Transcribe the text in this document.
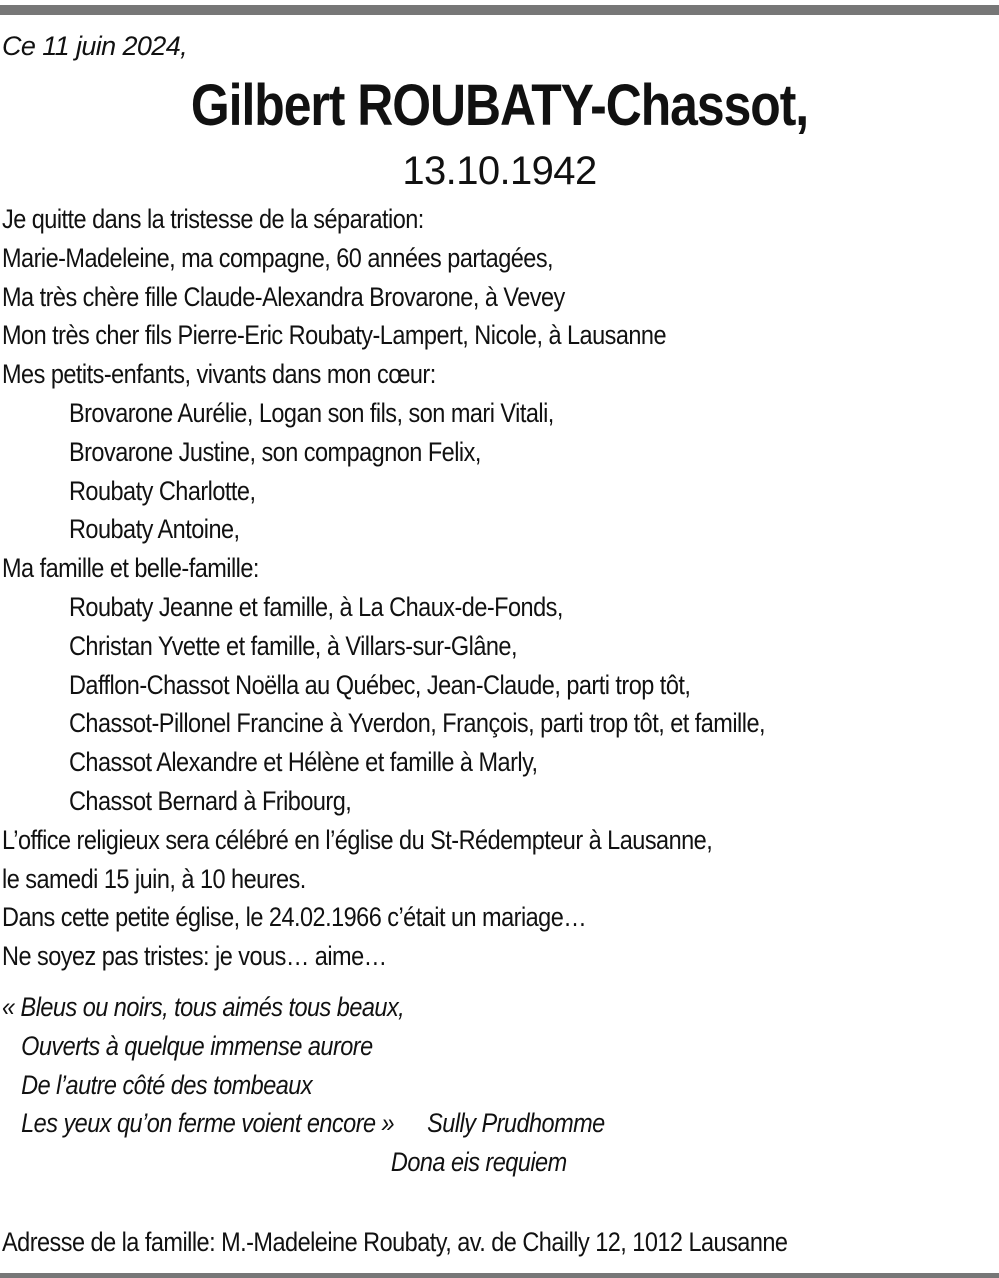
Ce 11 juin 2024,
Gilbert ROUBATY-Chassot,
13.10.1942
Je quitte dans la tristesse de la séparation:
Marie-Madeleine, ma compagne, 60 années partagées,
Ma très chère fille Claude-Alexandra Brovarone, à Vevey
Mon très cher fils Pierre-Eric Roubaty-Lampert, Nicole, à Lausanne
Mes petits-enfants, vivants dans mon cœur:
Brovarone Aurélie, Logan son fils, son mari Vitali,
Brovarone Justine, son compagnon Felix,
Roubaty Charlotte,
Roubaty Antoine,
Ma famille et belle-famille:
Roubaty Jeanne et famille, à La Chaux-de-Fonds,
Christan Yvette et famille, à Villars-sur-Glâne,
Dafflon-Chassot Noëlla au Québec, Jean-Claude, parti trop tôt,
Chassot-Pillonel Francine à Yverdon, François, parti trop tôt, et famille,
Chassot Alexandre et Hélène et famille à Marly,
Chassot Bernard à Fribourg,
L’office religieux sera célébré en l’église du St-Rédempteur à Lausanne,
le samedi 15 juin, à 10 heures.
Dans cette petite église, le 24.02.1966 c’était un mariage…
Ne soyez pas tristes: je vous… aime…
« Bleus ou noirs, tous aimés tous beaux,
Ouverts à quelque immense aurore
De l’autre côté des tombeaux
Les yeux qu’on ferme voient encore » Sully Prudhomme
Dona eis requiem
Adresse de la famille: M.-Madeleine Roubaty, av. de Chailly 12, 1012 Lausanne
